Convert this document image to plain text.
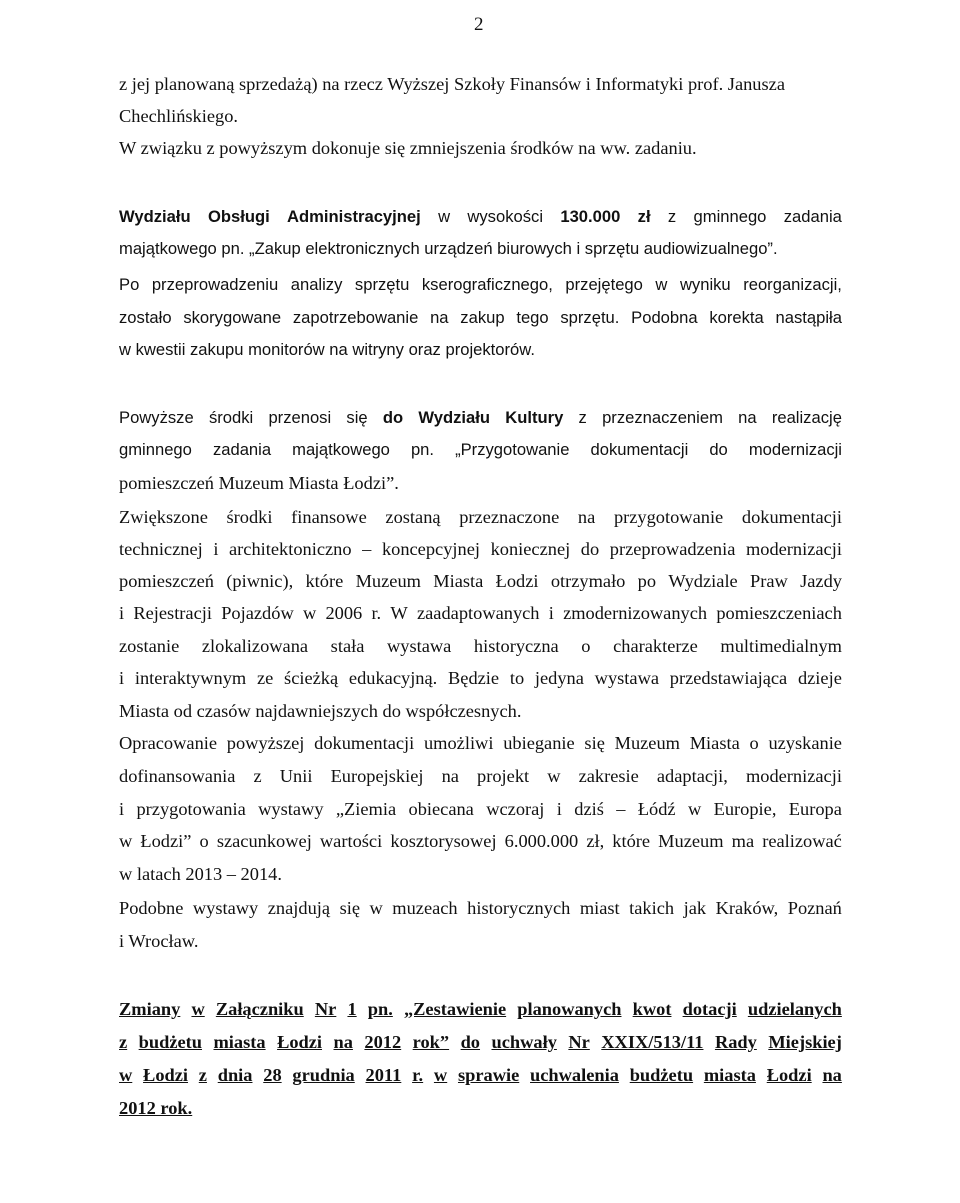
2
z jej planowaną sprzedażą) na rzecz Wyższej Szkoły Finansów i Informatyki prof. Janusza
Chechlińskiego.
W związku z powyższym dokonuje się zmniejszenia środków na ww. zadaniu.
Wydziału Obsługi Administracyjnej w wysokości 130.000 zł z gminnego zadania
majątkowego pn. „Zakup elektronicznych urządzeń biurowych i sprzętu audiowizualnego”.
Po przeprowadzeniu analizy sprzętu kserograficznego, przejętego w wyniku reorganizacji,
zostało skorygowane zapotrzebowanie na zakup tego sprzętu. Podobna korekta nastąpiła
w kwestii zakupu monitorów na witryny oraz projektorów.
Powyższe środki przenosi się do Wydziału Kultury z przeznaczeniem na realizację
gminnego zadania majątkowego pn. „Przygotowanie dokumentacji do modernizacji
pomieszczeń Muzeum Miasta Łodzi”.
Zwiększone środki finansowe zostaną przeznaczone na przygotowanie dokumentacji
technicznej i architektoniczno – koncepcyjnej koniecznej do przeprowadzenia modernizacji
pomieszczeń (piwnic), które Muzeum Miasta Łodzi otrzymało po Wydziale Praw Jazdy
i Rejestracji Pojazdów w 2006 r. W zaadaptowanych i zmodernizowanych pomieszczeniach
zostanie zlokalizowana stała wystawa historyczna o charakterze multimedialnym
i interaktywnym ze ścieżką edukacyjną. Będzie to jedyna wystawa przedstawiająca dzieje
Miasta od czasów najdawniejszych do współczesnych.
Opracowanie powyższej dokumentacji umożliwi ubieganie się Muzeum Miasta o uzyskanie
dofinansowania z Unii Europejskiej na projekt w zakresie adaptacji, modernizacji
i przygotowania wystawy „Ziemia obiecana wczoraj i dziś – Łódź w Europie, Europa
w Łodzi” o szacunkowej wartości kosztorysowej 6.000.000 zł, które Muzeum ma realizować
w latach 2013 – 2014.
Podobne wystawy znajdują się w muzeach historycznych miast takich jak Kraków, Poznań
i Wrocław.
Zmiany w Załączniku Nr 1 pn. „Zestawienie planowanych kwot dotacji udzielanych
z budżetu miasta Łodzi na 2012 rok” do uchwały Nr XXIX/513/11 Rady Miejskiej
w Łodzi z dnia 28 grudnia 2011 r. w sprawie uchwalenia budżetu miasta Łodzi na
2012 rok.
